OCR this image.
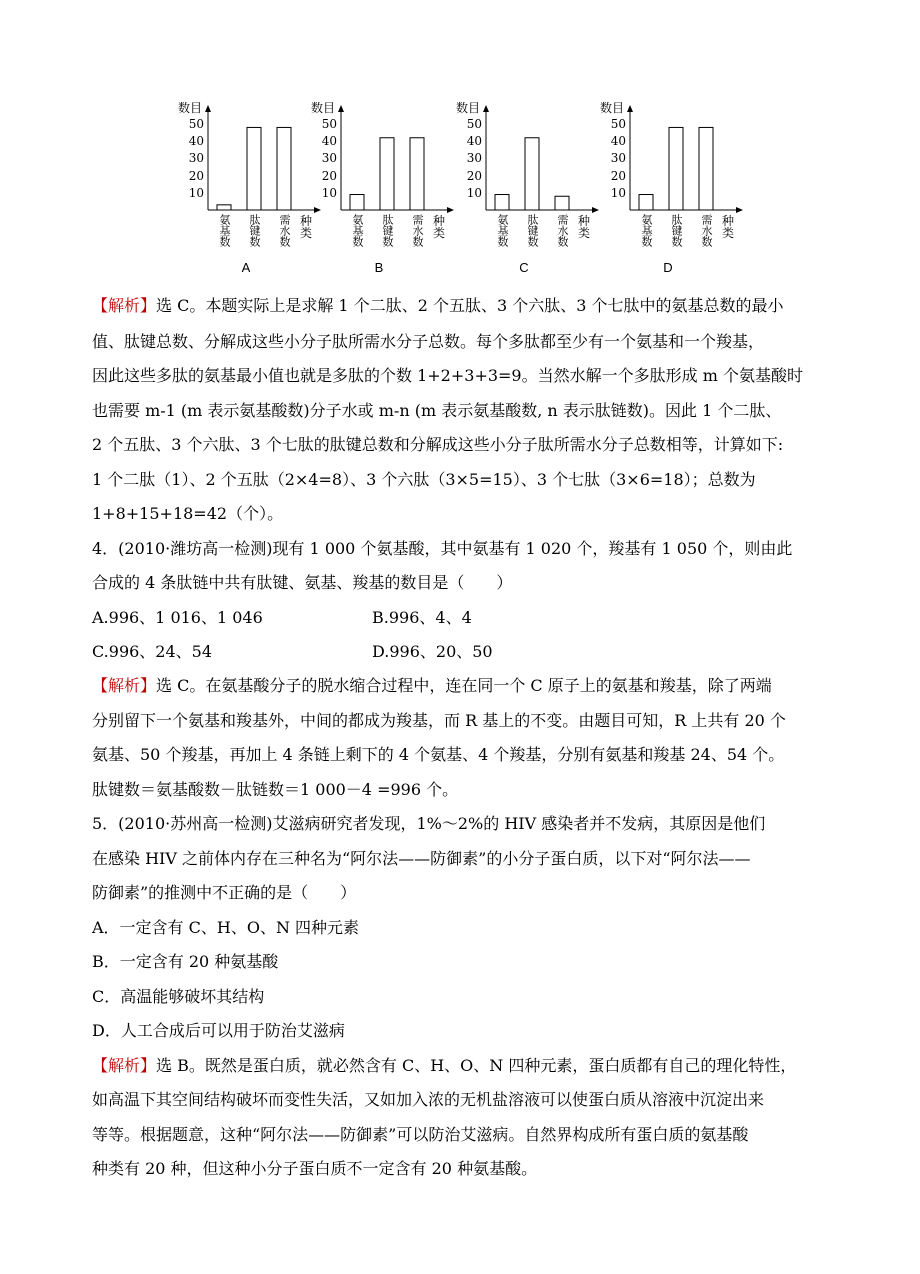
数目
50
40
30
20
10
氨基数 肽键数 需水数 种类
A
数目
50
40
30
20
10
氨基数 肽键数 需水数 种类
B
数目
50
40
30
20
10
氨基数 肽键数 需水数 种类
C
数目
50
40
30
20
10
氨基数 肽键数 需水数 种类
D
【解析】选 C。本题实际上是求解 1 个二肽、2 个五肽、3 个六肽、3 个七肽中的氨基总数的最小
值、肽键总数、分解成这些小分子肽所需水分子总数。每个多肽都至少有一个氨基和一个羧基，
因此这些多肽的氨基最小值也就是多肽的个数 1+2+3+3=9。当然水解一个多肽形成 m 个氨基酸时
也需要 m-1 (m 表示氨基酸数)分子水或 m-n (m 表示氨基酸数, n 表示肽链数)。因此 1 个二肽、
2 个五肽、3 个六肽、3 个七肽的肽键总数和分解成这些小分子肽所需水分子总数相等，计算如下:
1 个二肽（1）、2 个五肽（2×4=8）、3 个六肽（3×5=15）、3 个七肽（3×6=18）；总数为
1+8+15+18=42（个）。
4．(2010·潍坊高一检测)现有 1 000 个氨基酸，其中氨基有 1 020 个，羧基有 1 050 个，则由此
合成的 4 条肽链中共有肽键、氨基、羧基的数目是（　　）
A.996、1 016、1 046	B.996、4、4
C.996、24、54	D.996、20、50
【解析】选 C。在氨基酸分子的脱水缩合过程中，连在同一个 C 原子上的氨基和羧基，除了两端
分别留下一个氨基和羧基外，中间的都成为羧基，而 R 基上的不变。由题目可知，R 上共有 20 个
氨基、50 个羧基，再加上 4 条链上剩下的 4 个氨基、4 个羧基，分别有氨基和羧基 24、54 个。
肽键数＝氨基酸数－肽链数＝1 000－4 =996 个。
5．(2010·苏州高一检测)艾滋病研究者发现，1%～2%的 HIV 感染者并不发病，其原因是他们
在感染 HIV 之前体内存在三种名为“阿尔法——防御素”的小分子蛋白质，以下对“阿尔法——
防御素”的推测中不正确的是（　　）
A．一定含有 C、H、O、N 四种元素
B．一定含有 20 种氨基酸
C．高温能够破坏其结构
D．人工合成后可以用于防治艾滋病
【解析】选 B。既然是蛋白质，就必然含有 C、H、O、N 四种元素，蛋白质都有自己的理化特性，
如高温下其空间结构破坏而变性失活，又如加入浓的无机盐溶液可以使蛋白质从溶液中沉淀出来
等等。根据题意，这种“阿尔法——防御素”可以防治艾滋病。自然界构成所有蛋白质的氨基酸
种类有 20 种，但这种小分子蛋白质不一定含有 20 种氨基酸。
